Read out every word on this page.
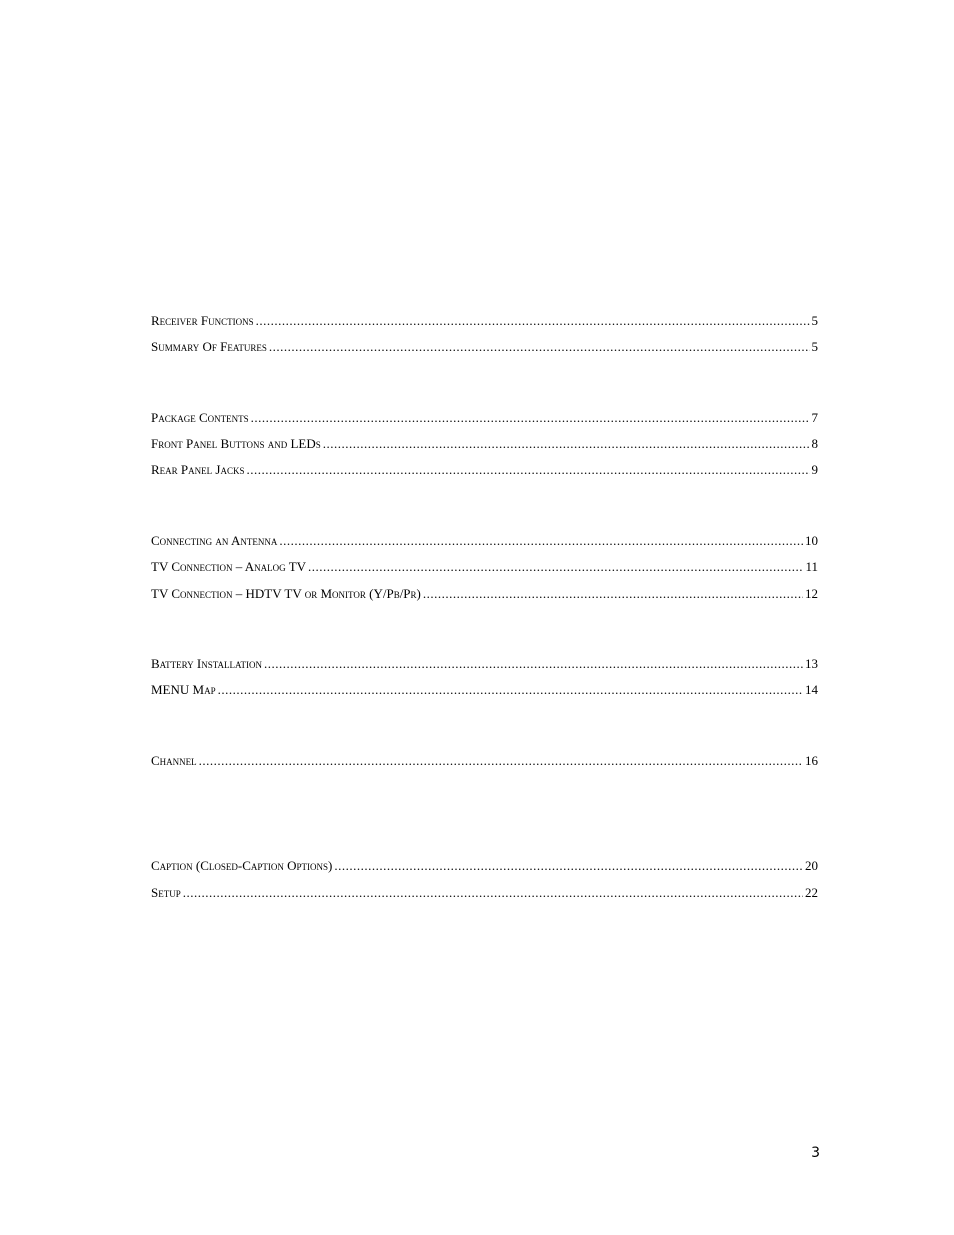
Receiver Functions .....	5
Summary Of Features .....	5
Package Contents .....	7
Front Panel Buttons and LEDs .....	8
Rear Panel Jacks .....	9
Connecting an Antenna .....	10
TV Connection – Analog TV .....	11
TV Connection – HDTV TV or Monitor (Y/Pb/Pr) .....	12
Battery Installation .....	13
MENU Map .....	14
Channel .....	16
Caption (Closed-Caption Options) .....	20
Setup .....	22
3
